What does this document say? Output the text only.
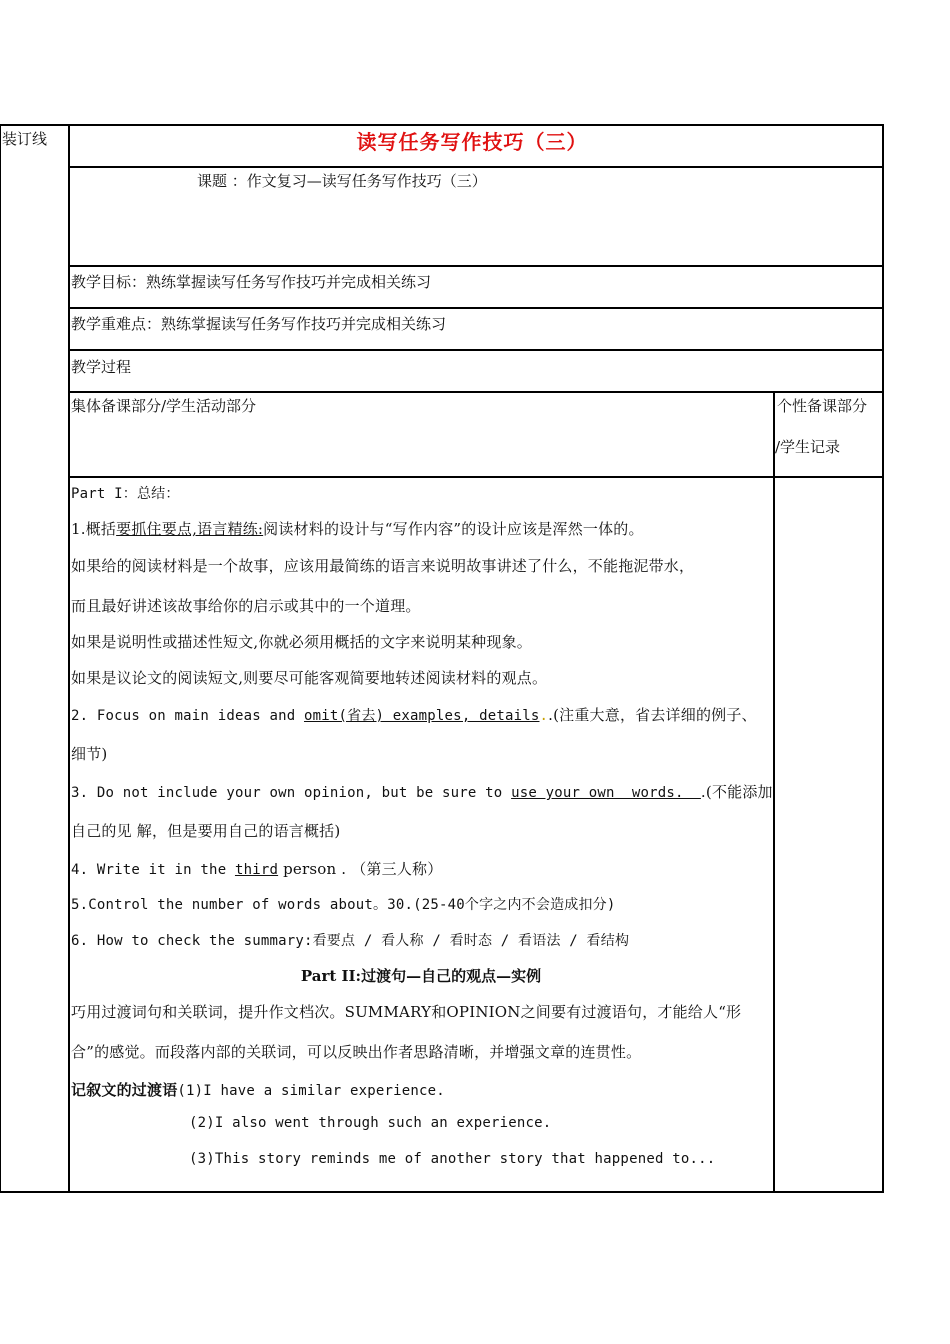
装订线	读写任务写作技巧（三）
课题 ：作文复习—读写任务写作技巧（三）
教学目标：熟练掌握读写任务写作技巧并完成相关练习
教学重难点：熟练掌握读写任务写作技巧并完成相关练习
教学过程
集体备课部分/学生活动部分	个性备课部分
/学生记录
Part I：总结：
1.概括要抓住要点,语言精练:阅读材料的设计与“写作内容”的设计应该是浑然一体的。
如果给的阅读材料是一个故事，应该用最简练的语言来说明故事讲述了什么，不能拖泥带水，
而且最好讲述该故事给你的启示或其中的一个道理。
如果是说明性或描述性短文,你就必须用概括的文字来说明某种现象。
如果是议论文的阅读短文,则要尽可能客观简要地转述阅读材料的观点。
2. Focus on main ideas and omit(省去) examples, details..(注重大意，省去详细的例子、
细节)
3. Do not include your own opinion, but be sure to use your own  words.  .(不能添加
自己的见 解，但是要用自己的语言概括)
4. Write it in the third person . （第三人称）
5.Control the number of words about。30.(25-40个字之内不会造成扣分)
6. How to check the summary:看要点 / 看人称 / 看时态 / 看语法 / 看结构
Part II:过渡句—自己的观点—实例
巧用过渡词句和关联词，提升作文档次。SUMMARY和OPINION之间要有过渡语句，才能给人“形
合”的感觉。而段落内部的关联词，可以反映出作者思路清晰，并增强文章的连贯性。
记叙文的过渡语(1)I have a similar experience.
(2)I also went through such an experience.
(3)This story reminds me of another story that happened to...
